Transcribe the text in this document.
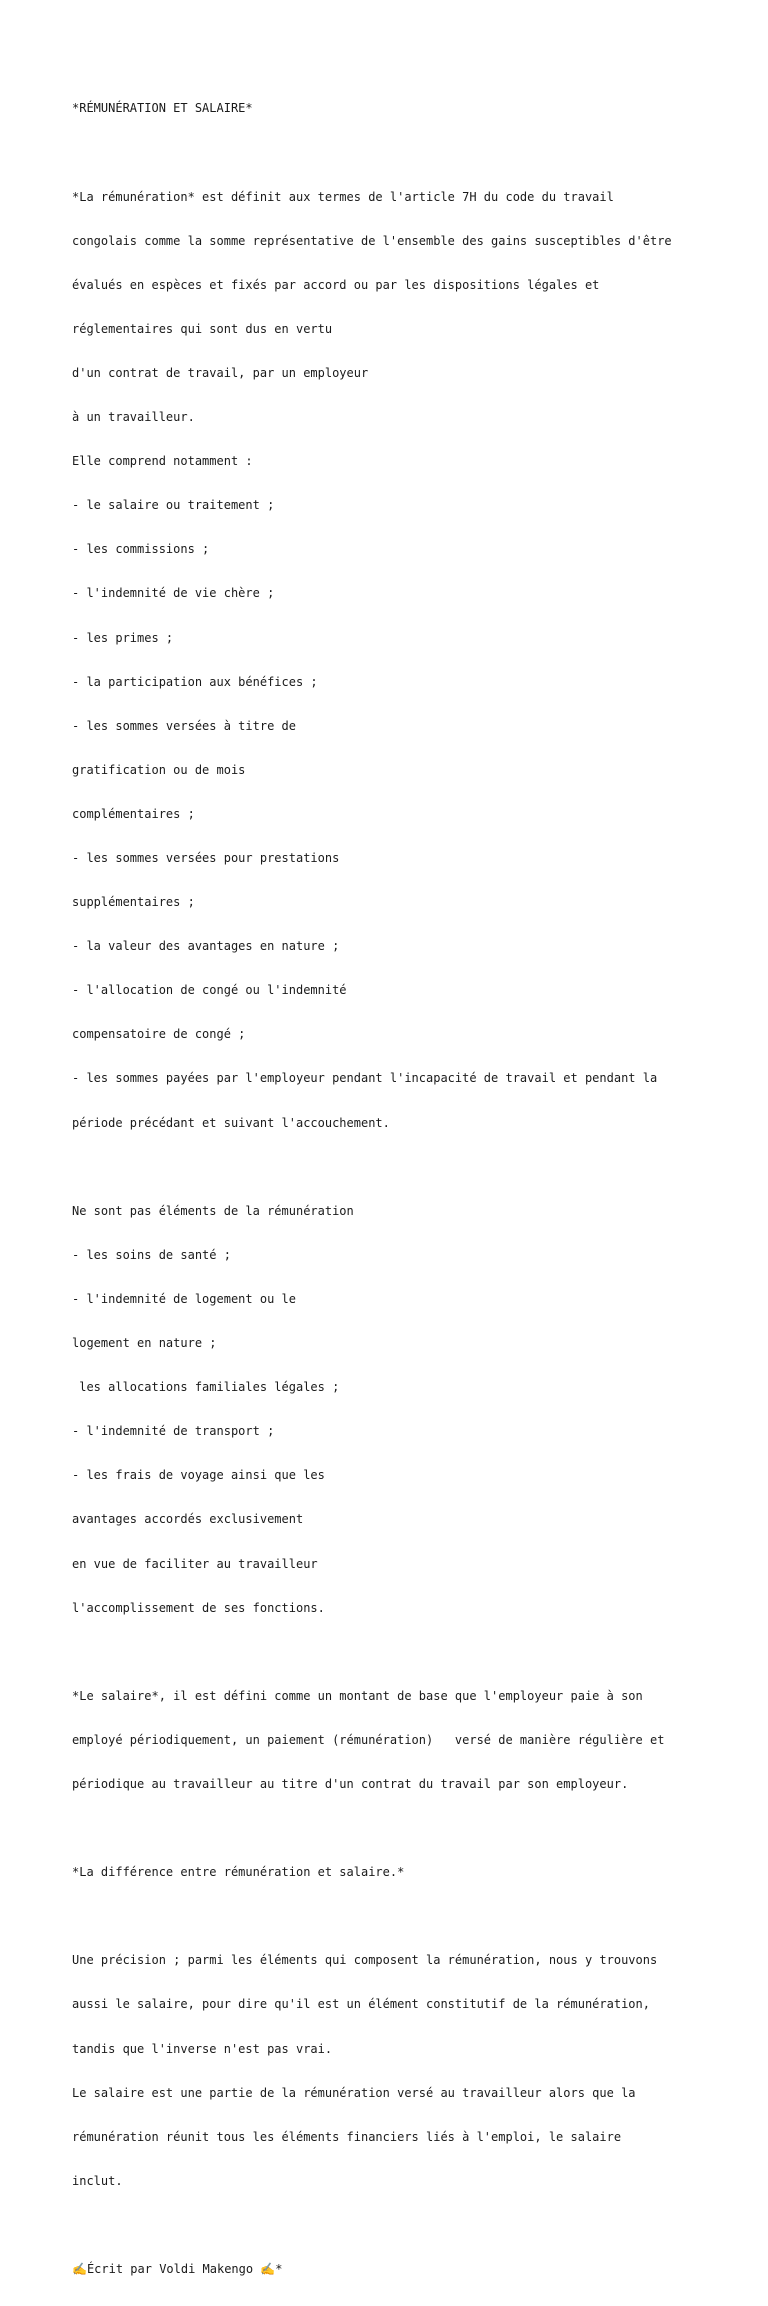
*RÉMUNÉRATION ET SALAIRE*

*La rémunération* est définit aux termes de l'article 7H du code du travail

congolais comme la somme représentative de l'ensemble des gains susceptibles d'être

évalués en espèces et fixés par accord ou par les dispositions légales et

réglementaires qui sont dus en vertu

d'un contrat de travail, par un employeur

à un travailleur.

Elle comprend notamment :

- le salaire ou traitement ;

- les commissions ;

- l'indemnité de vie chère ;

- les primes ;

- la participation aux bénéfices ;

- les sommes versées à titre de

gratification ou de mois

complémentaires ;

- les sommes versées pour prestations

supplémentaires ;

- la valeur des avantages en nature ;

- l'allocation de congé ou l'indemnité

compensatoire de congé ;

- les sommes payées par l'employeur pendant l'incapacité de travail et pendant la

période précédant et suivant l'accouchement.

Ne sont pas éléments de la rémunération

- les soins de santé ;

- l'indemnité de logement ou le

logement en nature ;

les allocations familiales légales ;

- l'indemnité de transport ;

- les frais de voyage ainsi que les

avantages accordés exclusivement

en vue de faciliter au travailleur

l'accomplissement de ses fonctions.

*Le salaire*, il est défini comme un montant de base que l'employeur paie à son

employé périodiquement, un paiement (rémunération)   versé de manière régulière et

périodique au travailleur au titre d'un contrat du travail par son employeur.

*La différence entre rémunération et salaire.*

Une précision ; parmi les éléments qui composent la rémunération, nous y trouvons

aussi le salaire, pour dire qu'il est un élément constitutif de la rémunération,

tandis que l'inverse n'est pas vrai.

Le salaire est une partie de la rémunération versé au travailleur alors que la

rémunération réunit tous les éléments financiers liés à l'emploi, le salaire

inclut.

✍️Écrit par Voldi Makengo ✍️*
